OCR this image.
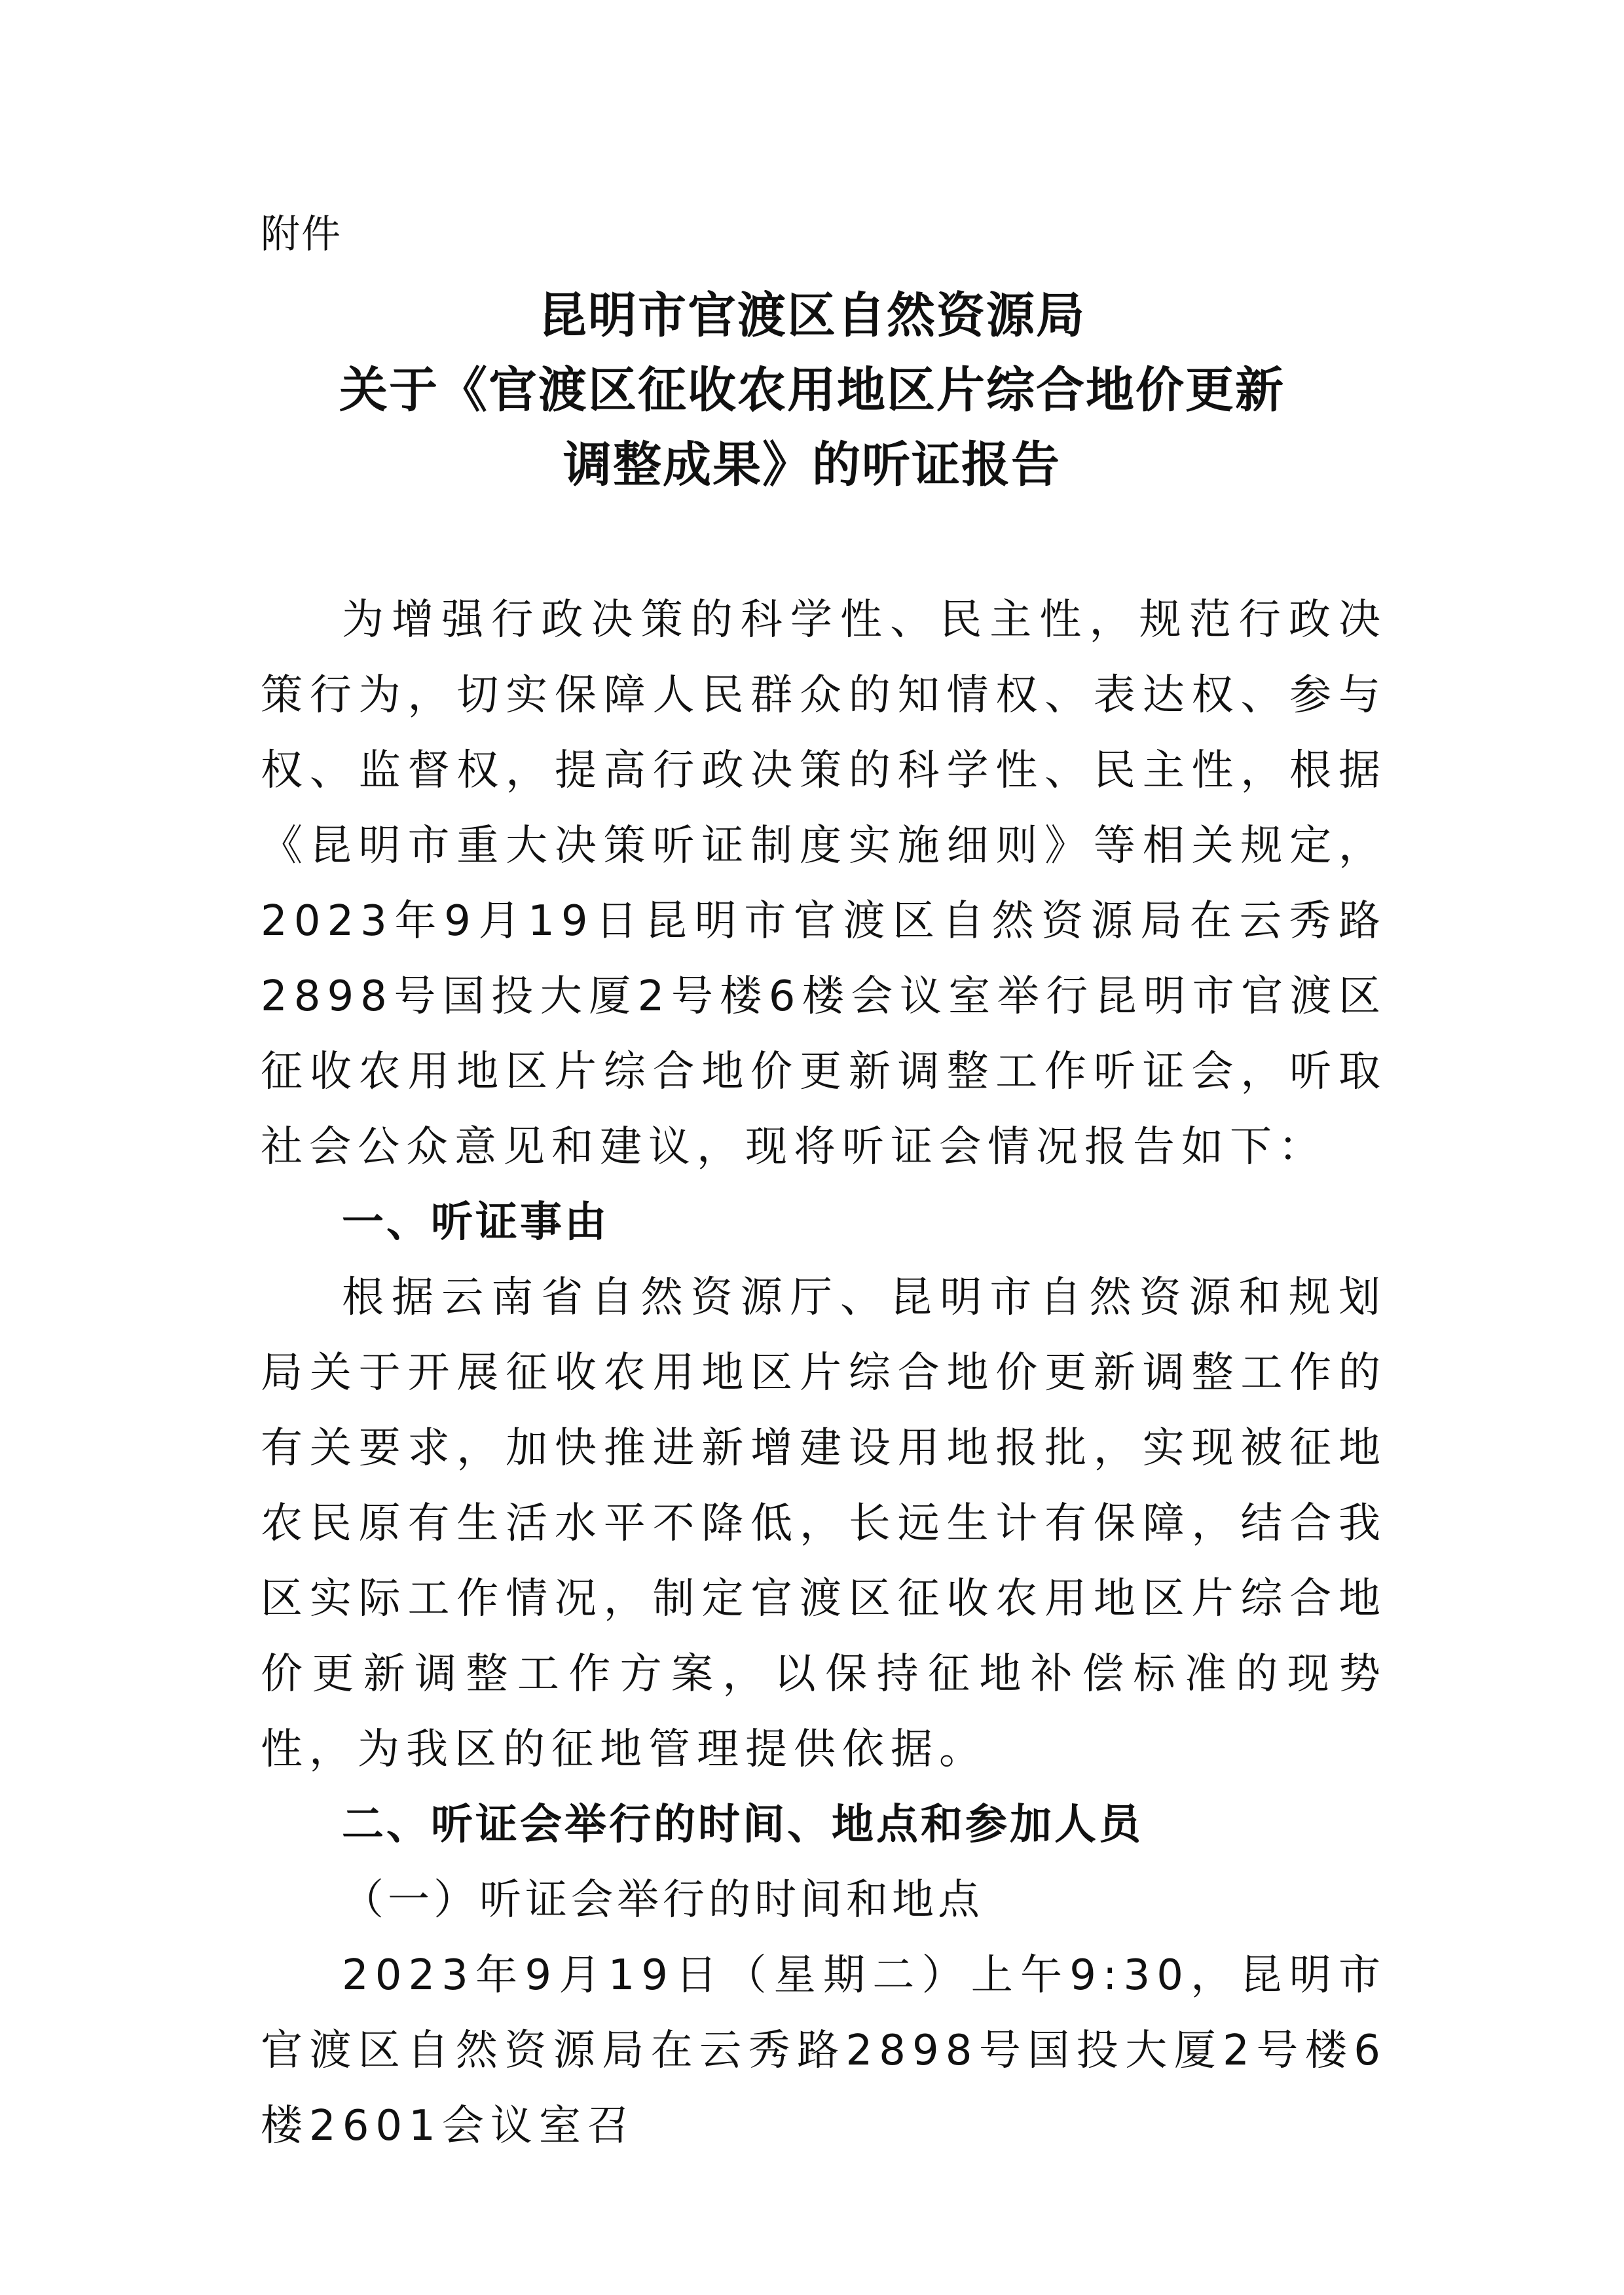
附件
昆明市官渡区自然资源局
关于《官渡区征收农用地区片综合地价更新
调整成果》的听证报告

为增强行政决策的科学性、民主性，规范行政决策行为，切实保障人民群众的知情权、表达权、参与权、监督权，提高行政决策的科学性、民主性，根据《昆明市重大决策听证制度实施细则》等相关规定，2023年9月19日昆明市官渡区自然资源局在云秀路2898号国投大厦2号楼6楼会议室举行昆明市官渡区征收农用地区片综合地价更新调整工作听证会，听取社会公众意见和建议，现将听证会情况报告如下：

一、听证事由

根据云南省自然资源厅、昆明市自然资源和规划局关于开展征收农用地区片综合地价更新调整工作的有关要求，加快推进新增建设用地报批，实现被征地农民原有生活水平不降低，长远生计有保障，结合我区实际工作情况，制定官渡区征收农用地区片综合地价更新调整工作方案，以保持征地补偿标准的现势性，为我区的征地管理提供依据。

二、听证会举行的时间、地点和参加人员

（一）听证会举行的时间和地点

2023年9月19日（星期二）上午9:30，昆明市官渡区自然资源局在云秀路2898号国投大厦2号楼6楼2601会议室召
